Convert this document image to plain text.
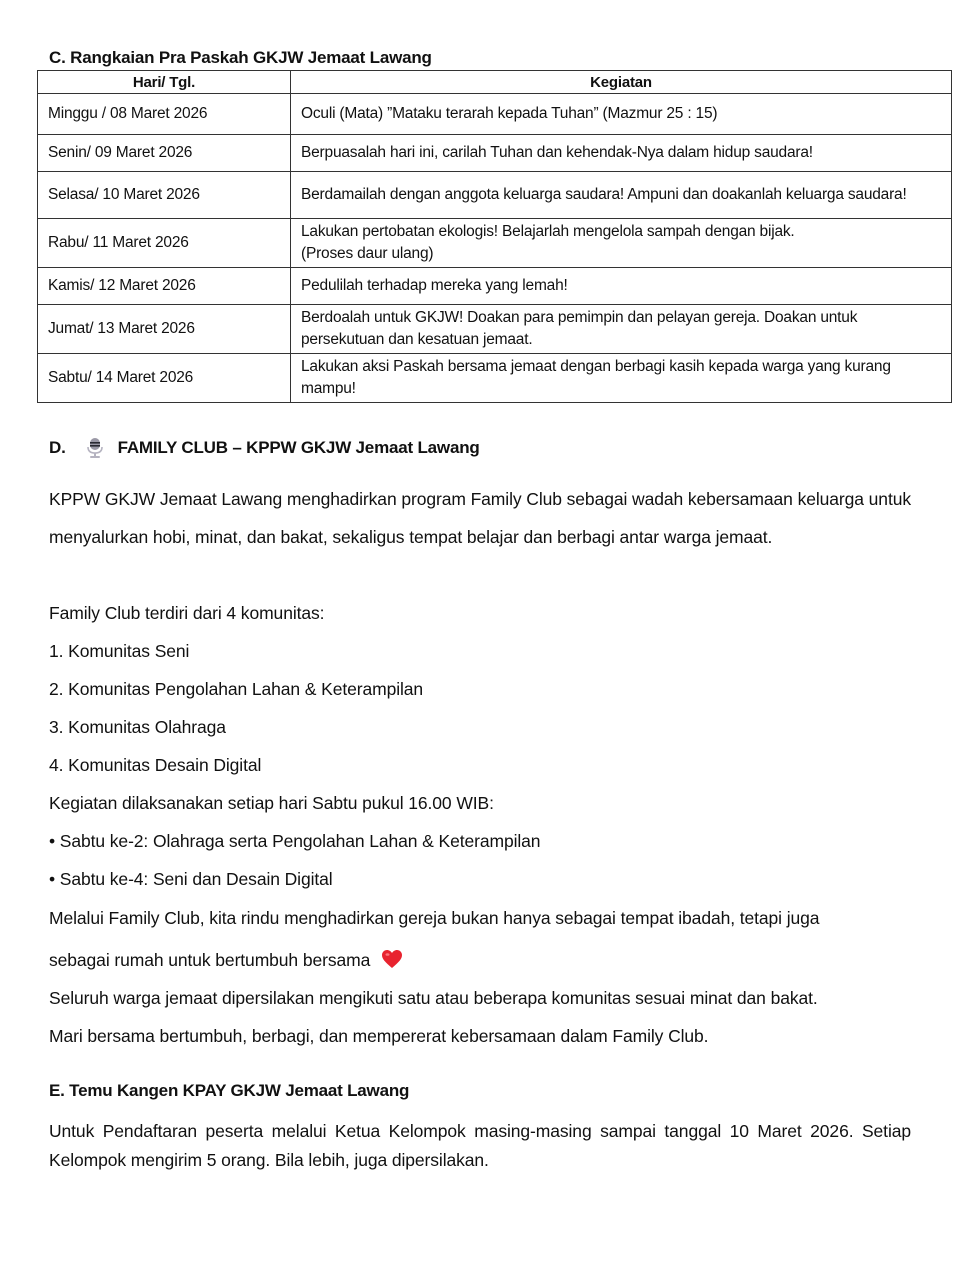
C. Rangkaian Pra Paskah GKJW Jemaat Lawang
Hari/ Tgl.	Kegiatan
Minggu / 08 Maret 2026	Oculi (Mata) ”Mataku terarah kepada Tuhan” (Mazmur 25 : 15)
Senin/ 09 Maret 2026	Berpuasalah hari ini, carilah Tuhan dan kehendak-Nya dalam hidup saudara!
Selasa/ 10 Maret 2026	Berdamailah dengan anggota keluarga saudara! Ampuni dan doakanlah keluarga saudara!
Rabu/ 11 Maret 2026	Lakukan pertobatan ekologis! Belajarlah mengelola sampah dengan bijak.
(Proses daur ulang)

Kamis/ 12 Maret 2026	Pedulilah terhadap mereka yang lemah!
Jumat/ 13 Maret 2026	Berdoalah untuk GKJW! Doakan para pemimpin dan pelayan gereja. Doakan untuk persekutuan dan kesatuan jemaat.
Sabtu/ 14 Maret 2026	Lakukan aksi Paskah bersama jemaat dengan berbagi kasih kepada warga yang kurang mampu!
D.	FAMILY CLUB – KPPW GKJW Jemaat Lawang
KPPW GKJW Jemaat Lawang menghadirkan program Family Club sebagai wadah kebersamaan keluarga untuk menyalurkan hobi, minat, dan bakat, sekaligus tempat belajar dan berbagi antar warga jemaat.
Family Club terdiri dari 4 komunitas:
1. Komunitas Seni
2. Komunitas Pengolahan Lahan & Keterampilan
3. Komunitas Olahraga
4. Komunitas Desain Digital
Kegiatan dilaksanakan setiap hari Sabtu pukul 16.00 WIB:
• Sabtu ke-2: Olahraga serta Pengolahan Lahan & Keterampilan
• Sabtu ke-4: Seni dan Desain Digital
Melalui Family Club, kita rindu menghadirkan gereja bukan hanya sebagai tempat ibadah, tetapi juga
sebagai rumah untuk bertumbuh bersama
Seluruh warga jemaat dipersilakan mengikuti satu atau beberapa komunitas sesuai minat dan bakat.
Mari bersama bertumbuh, berbagi, dan mempererat kebersamaan dalam Family Club.
E. Temu Kangen KPAY GKJW Jemaat Lawang
Untuk Pendaftaran peserta melalui Ketua Kelompok masing-masing sampai tanggal 10 Maret 2026. Setiap Kelompok mengirim 5 orang. Bila lebih, juga dipersilakan.
